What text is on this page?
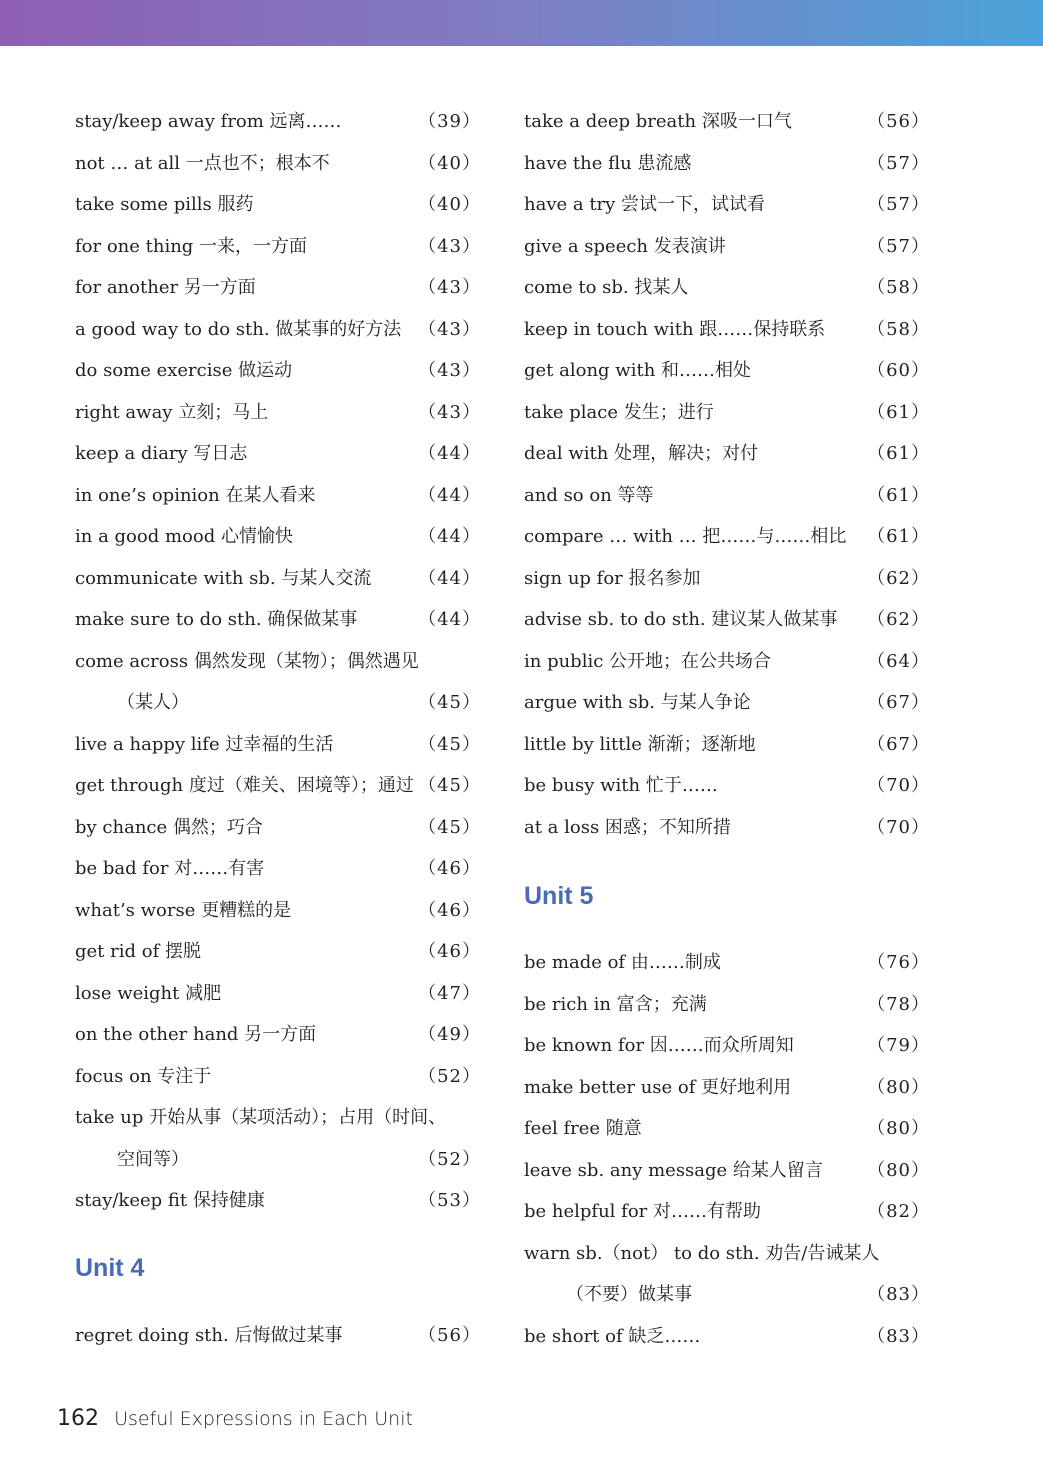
stay/keep away from 远离……	（39）
not … at all 一点也不；根本不	（40）
take some pills 服药	（40）
for one thing 一来，一方面	（43）
for another 另一方面	（43）
a good way to do sth. 做某事的好方法 （43）
do some exercise 做运动	（43）
right away 立刻；马上	（43）
keep a diary 写日志	（44）
in one’s opinion 在某人看来	（44）
in a good mood 心情愉快	（44）
communicate with sb. 与某人交流	（44）
make sure to do sth. 确保做某事	（44）
come across 偶然发现（某物）；偶然遇见
（某人）	（45）
live a happy life 过幸福的生活	（45）
get through 度过（难关、困境等）；通过 （45）
by chance 偶然；巧合	（45）
be bad for 对……有害	（46）
what’s worse 更糟糕的是	（46）
get rid of 摆脱	（46）
lose weight 减肥	（47）
on the other hand 另一方面	（49）
focus on 专注于	（52）
take up 开始从事（某项活动）；占用（时间、
空间等）	（52）
stay/keep fit 保持健康	（53）
Unit 4
regret doing sth. 后悔做过某事	（56）
take a deep breath 深吸一口气	（56）
have the flu 患流感	（57）
have a try 尝试一下，试试看	（57）
give a speech 发表演讲	（57）
come to sb. 找某人	（58）
keep in touch with 跟……保持联系 （58）
get along with 和……相处	（60）
take place 发生；进行	（61）
deal with 处理，解决；对付	（61）
and so on 等等	（61）
compare … with … 把……与……相比 （61）
sign up for 报名参加	（62）
advise sb. to do sth. 建议某人做某事 （62）
in public 公开地；在公共场合	（64）
argue with sb. 与某人争论	（67）
little by little 渐渐；逐渐地	（67）
be busy with 忙于……	（70）
at a loss 困惑；不知所措	（70）
Unit 5
be made of 由……制成	（76）
be rich in 富含；充满	（78）
be known for 因……而众所周知	（79）
make better use of 更好地利用	（80）
feel free 随意	（80）
leave sb. any message 给某人留言 （80）
be helpful for 对……有帮助	（82）
warn sb.（not） to do sth. 劝告/告诫某人
（不要）做某事	（83）
be short of 缺乏……	（83）
162 Useful Expressions in Each Unit
